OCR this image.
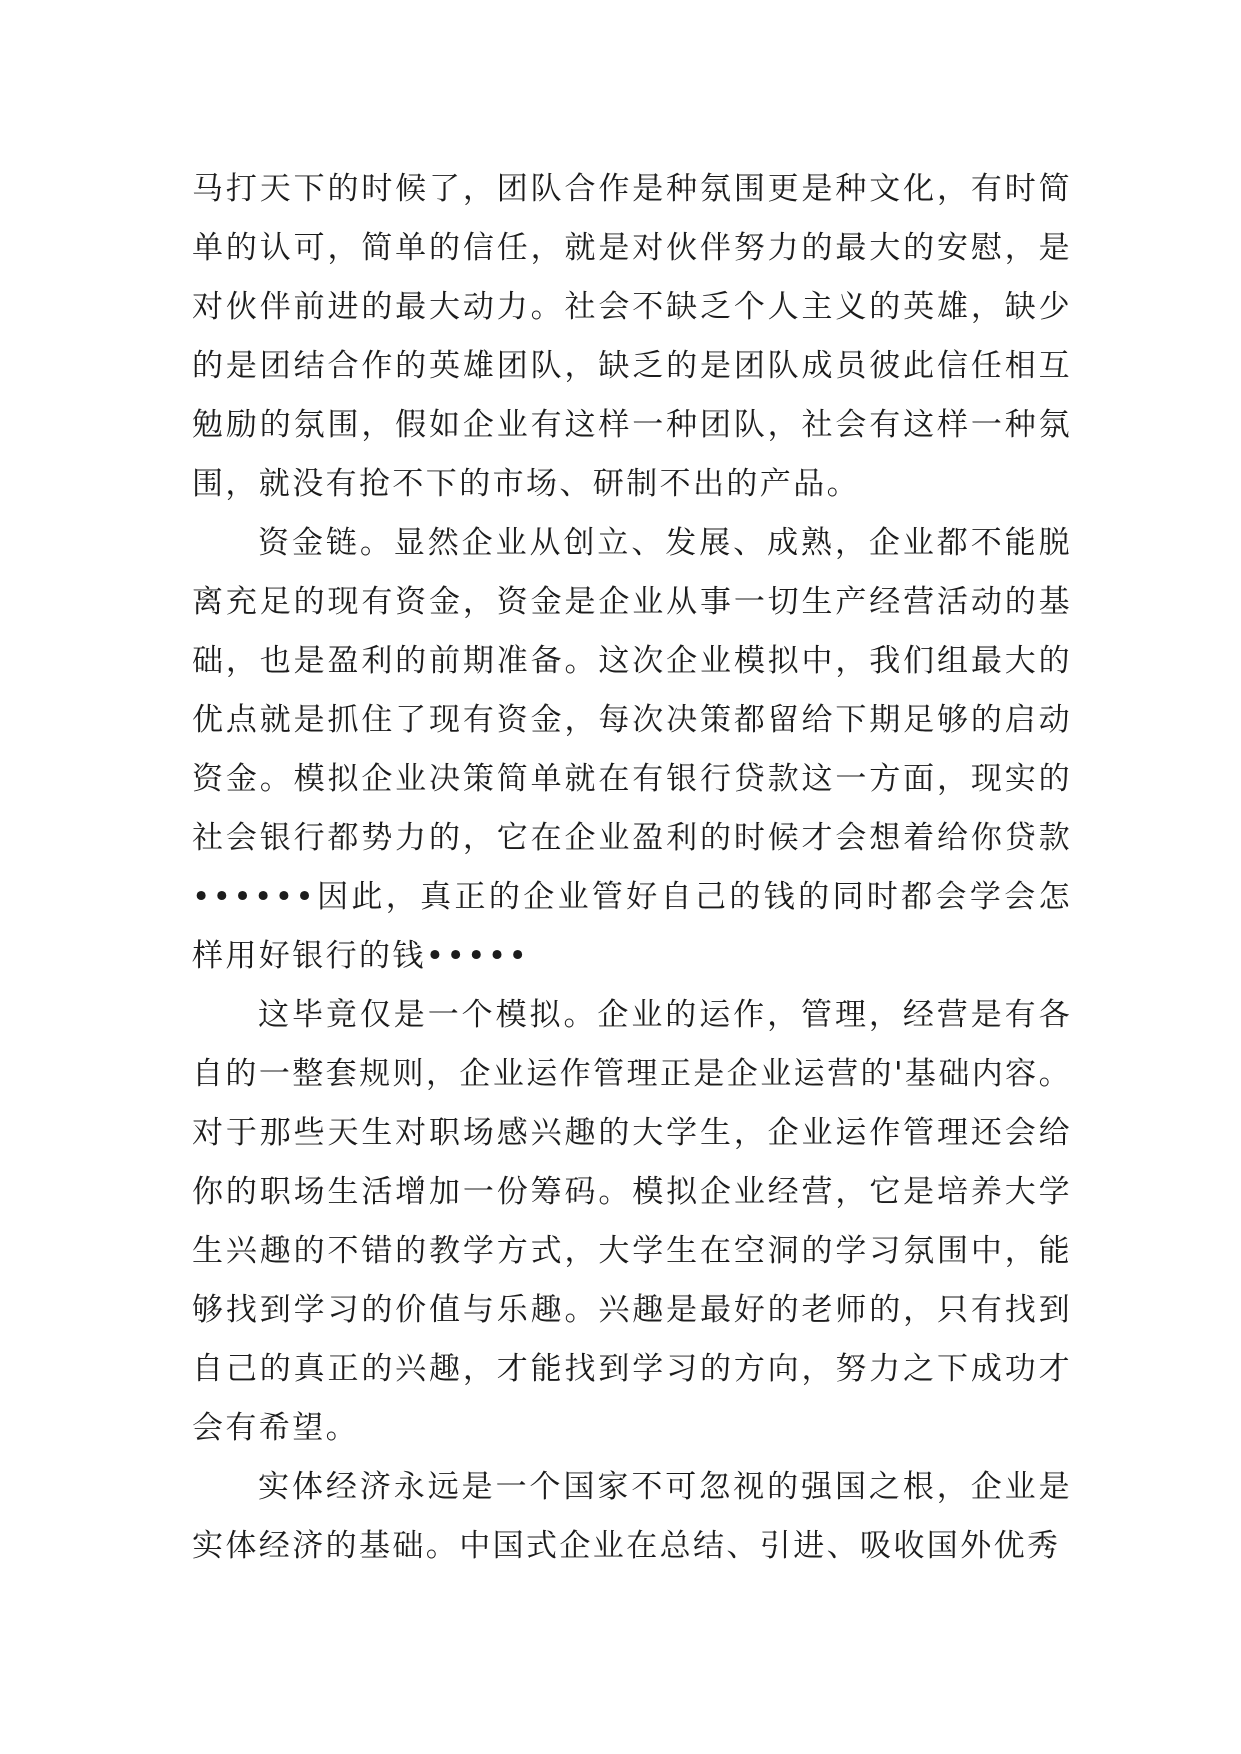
马打天下的时候了，团队合作是种氛围更是种文化，有时简单的认可，简单的信任，就是对伙伴努力的最大的安慰，是对伙伴前进的最大动力。社会不缺乏个人主义的英雄，缺少的是团结合作的英雄团队，缺乏的是团队成员彼此信任相互勉励的氛围，假如企业有这样一种团队，社会有这样一种氛围，就没有抢不下的市场、研制不出的产品。

资金链。显然企业从创立、发展、成熟，企业都不能脱离充足的现有资金，资金是企业从事一切生产经营活动的基础，也是盈利的前期准备。这次企业模拟中，我们组最大的优点就是抓住了现有资金，每次决策都留给下期足够的启动资金。模拟企业决策简单就在有银行贷款这一方面，现实的社会银行都势力的，它在企业盈利的时候才会想着给你贷款••••••因此，真正的企业管好自己的钱的同时都会学会怎样用好银行的钱•••••

这毕竟仅是一个模拟。企业的运作，管理，经营是有各自的一整套规则，企业运作管理正是企业运营的'基础内容。对于那些天生对职场感兴趣的大学生，企业运作管理还会给你的职场生活增加一份筹码。模拟企业经营，它是培养大学生兴趣的不错的教学方式，大学生在空洞的学习氛围中，能够找到学习的价值与乐趣。兴趣是最好的老师的，只有找到自己的真正的兴趣，才能找到学习的方向，努力之下成功才会有希望。

实体经济永远是一个国家不可忽视的强国之根，企业是实体经济的基础。中国式企业在总结、引进、吸收国外优秀
